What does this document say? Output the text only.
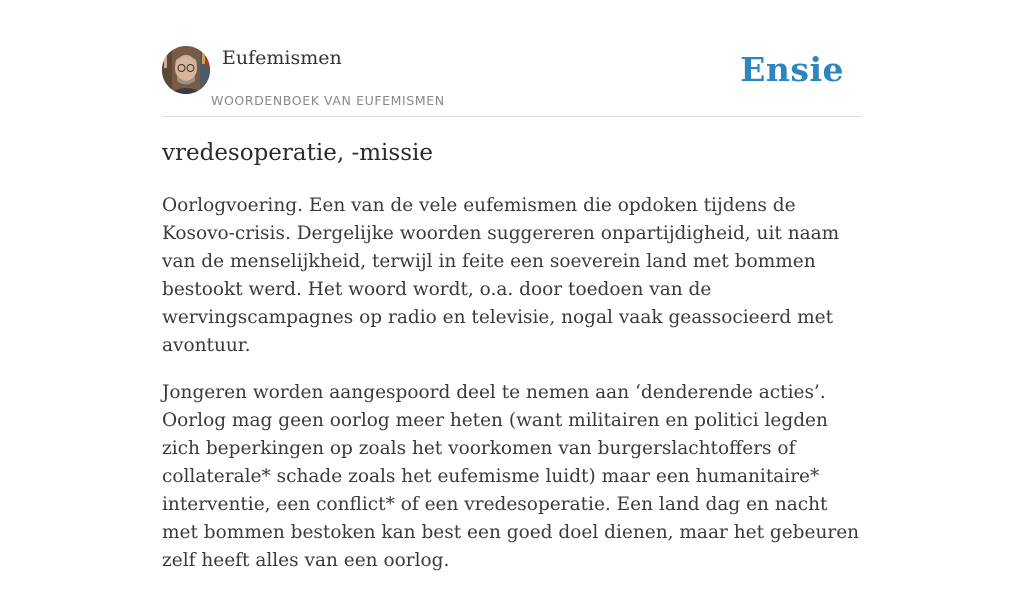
Eufemismen
WOORDENBOEK VAN EUFEMISMEN
Ensie
vredesoperatie, -missie

Oorlogvoering. Een van de vele eufemismen die opdoken tijdens de Kosovo-crisis. Dergelijke woorden suggereren onpartijdigheid, uit naam van de menselijkheid, terwijl in feite een soeverein land met bommen bestookt werd. Het woord wordt, o.a. door toedoen van de wervingscampagnes op radio en televisie, nogal vaak geassocieerd met avontuur.

Jongeren worden aangespoord deel te nemen aan ‘denderende acties’. Oorlog mag geen oorlog meer heten (want militairen en politici legden zich beperkingen op zoals het voorkomen van burgerslachtoffers of collaterale* schade zoals het eufemisme luidt) maar een humanitaire* interventie, een conflict* of een vredesoperatie. Een land dag en nacht met bommen bestoken kan best een goed doel dienen, maar het gebeuren zelf heeft alles van een oorlog.
